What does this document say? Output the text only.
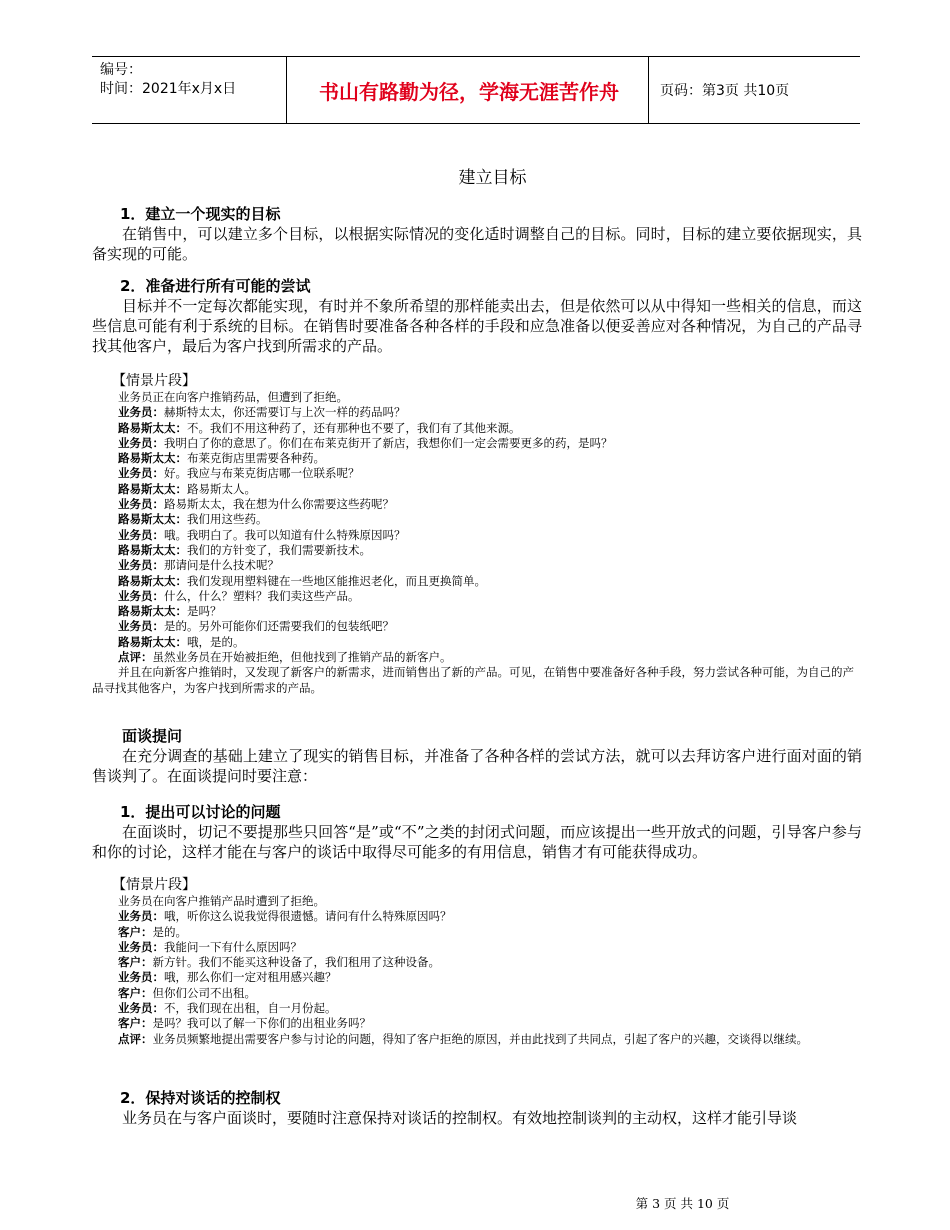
编号：
时间：2021年x月x日	书山有路勤为径，学海无涯苦作舟	页码：第3页 共10页
建立目标
1．建立一个现实的目标
在销售中，可以建立多个目标，以根据实际情况的变化适时调整自己的目标。同时，目标的建立要依据现实，具备实现的可能。
2．准备进行所有可能的尝试
目标并不一定每次都能实现，有时并不象所希望的那样能卖出去，但是依然可以从中得知一些相关的信息，而这些信息可能有利于系统的目标。在销售时要准备各种各样的手段和应急准备以便妥善应对各种情况，为自己的产品寻找其他客户，最后为客户找到所需求的产品。
【情景片段】
业务员正在向客户推销药品，但遭到了拒绝。
业务员：赫斯特太太，你还需要订与上次一样的药品吗？
路易斯太太：不。我们不用这种药了，还有那种也不要了，我们有了其他来源。
业务员：我明白了你的意思了。你们在布莱克街开了新店，我想你们一定会需要更多的药，是吗？
路易斯太太：布莱克街店里需要各种药。
业务员：好。我应与布莱克街店哪一位联系呢？
路易斯太太：路易斯太人。
业务员：路易斯太太，我在想为什么你需要这些药呢？
路易斯太太：我们用这些药。
业务员：哦。我明白了。我可以知道有什么特殊原因吗？
路易斯太太：我们的方针变了，我们需要新技术。
业务员：那请问是什么技术呢？
路易斯太太：我们发现用塑料键在一些地区能推迟老化，而且更换简单。
业务员：什么，什么？塑料？我们卖这些产品。
路易斯太太：是吗？
业务员：是的。另外可能你们还需要我们的包装纸吧？
路易斯太太：哦，是的。
点评：虽然业务员在开始被拒绝，但他找到了推销产品的新客户。
并且在向新客户推销时，又发现了新客户的新需求，进而销售出了新的产品。可见，在销售中要准备好各种手段，努力尝试各种可能，为自己的产品寻找其他客户，为客户找到所需求的产品。
面谈提问
在充分调查的基础上建立了现实的销售目标，并准备了各种各样的尝试方法，就可以去拜访客户进行面对面的销售谈判了。在面谈提问时要注意：
1．提出可以讨论的问题
在面谈时，切记不要提那些只回答“是”或“不”之类的封闭式问题，而应该提出一些开放式的问题，引导客户参与和你的讨论，这样才能在与客户的谈话中取得尽可能多的有用信息，销售才有可能获得成功。
【情景片段】
业务员在向客户推销产品时遭到了拒绝。
业务员：哦，听你这么说我觉得很遗憾。请问有什么特殊原因吗？
客户：是的。
业务员：我能问一下有什么原因吗？
客户：新方针。我们不能买这种设备了，我们租用了这种设备。
业务员：哦，那么你们一定对租用感兴趣？
客户：但你们公司不出租。
业务员：不，我们现在出租，自一月份起。
客户：是吗？我可以了解一下你们的出租业务吗？
点评：业务员频繁地提出需要客户参与讨论的问题，得知了客户拒绝的原因，并由此找到了共同点，引起了客户的兴趣，交谈得以继续。
2．保持对谈话的控制权
业务员在与客户面谈时，要随时注意保持对谈话的控制权。有效地控制谈判的主动权，这样才能引导谈
第 3 页 共 10 页
